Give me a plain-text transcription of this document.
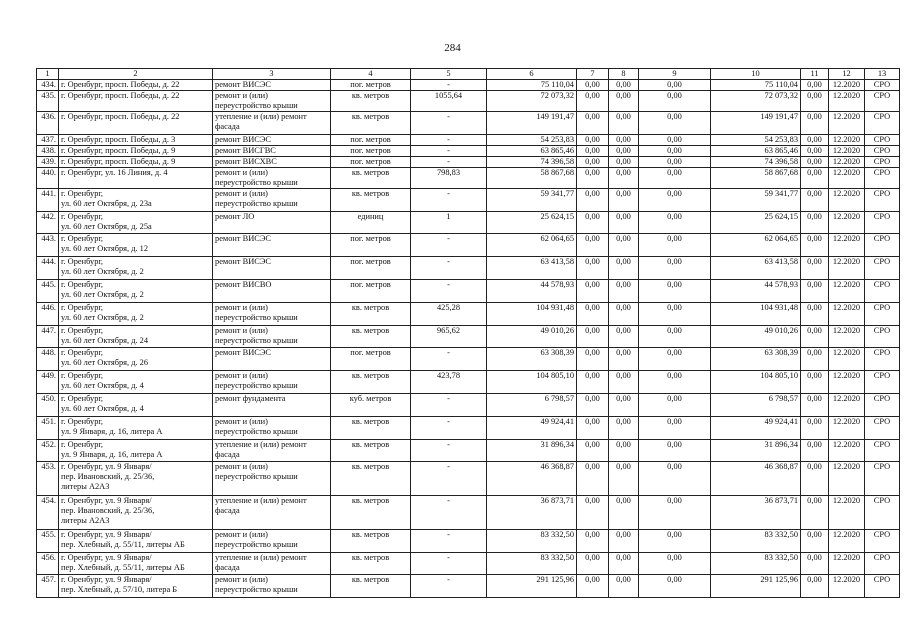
284
1	2	3	4	5	6	7	8	9	10	11	12	13
434.	г. Оренбург, просп. Победы, д. 22	ремонт ВИСЭС	пог. метров	-	75 110,04	0,00	0,00	0,00	75 110,04	0,00	12.2020	СРО
435.	г. Оренбург, просп. Победы, д. 22	ремонт и (или)
переустройство крыши	кв. метров	1055,64	72 073,32	0,00	0,00	0,00	72 073,32	0,00	12.2020	СРО
436.	г. Оренбург, просп. Победы, д. 22	утепление и (или) ремонт
фасада	кв. метров	-	149 191,47	0,00	0,00	0,00	149 191,47	0,00	12.2020	СРО
437.	г. Оренбург, просп. Победы, д. 3	ремонт ВИСЭС	пог. метров	-	54 253,83	0,00	0,00	0,00	54 253,83	0,00	12.2020	СРО
438.	г. Оренбург, просп. Победы, д. 9	ремонт ВИСГВС	пог. метров	-	63 865,46	0,00	0,00	0,00	63 865,46	0,00	12.2020	СРО
439.	г. Оренбург, просп. Победы, д. 9	ремонт ВИСХВС	пог. метров	-	74 396,58	0,00	0,00	0,00	74 396,58	0,00	12.2020	СРО
440.	г. Оренбург, ул. 16 Линия, д. 4	ремонт и (или)
переустройство крыши	кв. метров	798,83	58 867,68	0,00	0,00	0,00	58 867,68	0,00	12.2020	СРО
441.	г. Оренбург,
ул. 60 лет Октября, д. 23а	ремонт и (или)
переустройство крыши	кв. метров	-	59 341,77	0,00	0,00	0,00	59 341,77	0,00	12.2020	СРО
442.	г. Оренбург,
ул. 60 лет Октября, д. 25а	ремонт ЛО	единиц	1	25 624,15	0,00	0,00	0,00	25 624,15	0,00	12.2020	СРО
443.	г. Оренбург,
ул. 60 лет Октября, д. 12	ремонт ВИСЭС	пог. метров	-	62 064,65	0,00	0,00	0,00	62 064,65	0,00	12.2020	СРО
444.	г. Оренбург,
ул. 60 лет Октября, д. 2	ремонт ВИСЭС	пог. метров	-	63 413,58	0,00	0,00	0,00	63 413,58	0,00	12.2020	СРО
445.	г. Оренбург,
ул. 60 лет Октября, д. 2	ремонт ВИСВО	пог. метров	-	44 578,93	0,00	0,00	0,00	44 578,93	0,00	12.2020	СРО
446.	г. Оренбург,
ул. 60 лет Октября, д. 2	ремонт и (или)
переустройство крыши	кв. метров	425,28	104 931,48	0,00	0,00	0,00	104 931,48	0,00	12.2020	СРО
447.	г. Оренбург,
ул. 60 лет Октября, д. 24	ремонт и (или)
переустройство крыши	кв. метров	965,62	49 010,26	0,00	0,00	0,00	49 010,26	0,00	12.2020	СРО
448.	г. Оренбург,
ул. 60 лет Октября, д. 26	ремонт ВИСЭС	пог. метров	-	63 308,39	0,00	0,00	0,00	63 308,39	0,00	12.2020	СРО
449.	г. Оренбург,
ул. 60 лет Октября, д. 4	ремонт и (или)
переустройство крыши	кв. метров	423,78	104 805,10	0,00	0,00	0,00	104 805,10	0,00	12.2020	СРО
450.	г. Оренбург,
ул. 60 лет Октября, д. 4	ремонт фундамента	куб. метров	-	6 798,57	0,00	0,00	0,00	6 798,57	0,00	12.2020	СРО
451.	г. Оренбург,
ул. 9 Января, д. 16, литера А	ремонт и (или)
переустройство крыши	кв. метров	-	49 924,41	0,00	0,00	0,00	49 924,41	0,00	12.2020	СРО
452.	г. Оренбург,
ул. 9 Января, д. 16, литера А	утепление и (или) ремонт
фасада	кв. метров	-	31 896,34	0,00	0,00	0,00	31 896,34	0,00	12.2020	СРО
453.	г. Оренбург, ул. 9 Января/
пер. Ивановский, д. 25/36,
литеры А2А3	ремонт и (или)
переустройство крыши	кв. метров	-	46 368,87	0,00	0,00	0,00	46 368,87	0,00	12.2020	СРО
454.	г. Оренбург, ул. 9 Января/
пер. Ивановский, д. 25/36,
литеры А2А3	утепление и (или) ремонт
фасада	кв. метров	-	36 873,71	0,00	0,00	0,00	36 873,71	0,00	12.2020	СРО
455.	г. Оренбург, ул. 9 Января/
пер. Хлебный, д. 55/11, литеры АБ	ремонт и (или)
переустройство крыши	кв. метров	-	83 332,50	0,00	0,00	0,00	83 332,50	0,00	12.2020	СРО
456.	г. Оренбург, ул. 9 Января/
пер. Хлебный, д. 55/11, литеры АБ	утепление и (или) ремонт
фасада	кв. метров	-	83 332,50	0,00	0,00	0,00	83 332,50	0,00	12.2020	СРО
457.	г. Оренбург, ул. 9 Января/
пер. Хлебный, д. 57/10, литера Б	ремонт и (или)
переустройство крыши	кв. метров	-	291 125,96	0,00	0,00	0,00	291 125,96	0,00	12.2020	СРО
